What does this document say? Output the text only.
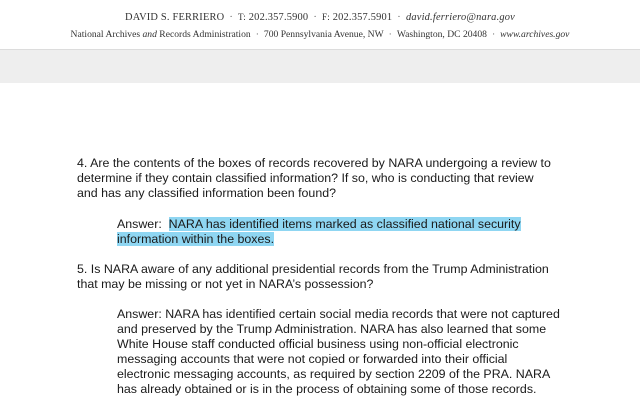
DAVID S. FERRIERO · T: 202.357.5900 · F: 202.357.5901 · david.ferriero@nara.gov
National Archives and Records Administration · 700 Pennsylvania Avenue, NW · Washington, DC 20408 · www.archives.gov
4. Are the contents of the boxes of records recovered by NARA undergoing a review to
determine if they contain classified information? If so, who is conducting that review
and has any classified information been found?
Answer: NARA has identified items marked as classified national security
information within the boxes.
5. Is NARA aware of any additional presidential records from the Trump Administration
that may be missing or not yet in NARA’s possession?
Answer: NARA has identified certain social media records that were not captured
and preserved by the Trump Administration. NARA has also learned that some
White House staff conducted official business using non-official electronic
messaging accounts that were not copied or forwarded into their official
electronic messaging accounts, as required by section 2209 of the PRA. NARA
has already obtained or is in the process of obtaining some of those records.
